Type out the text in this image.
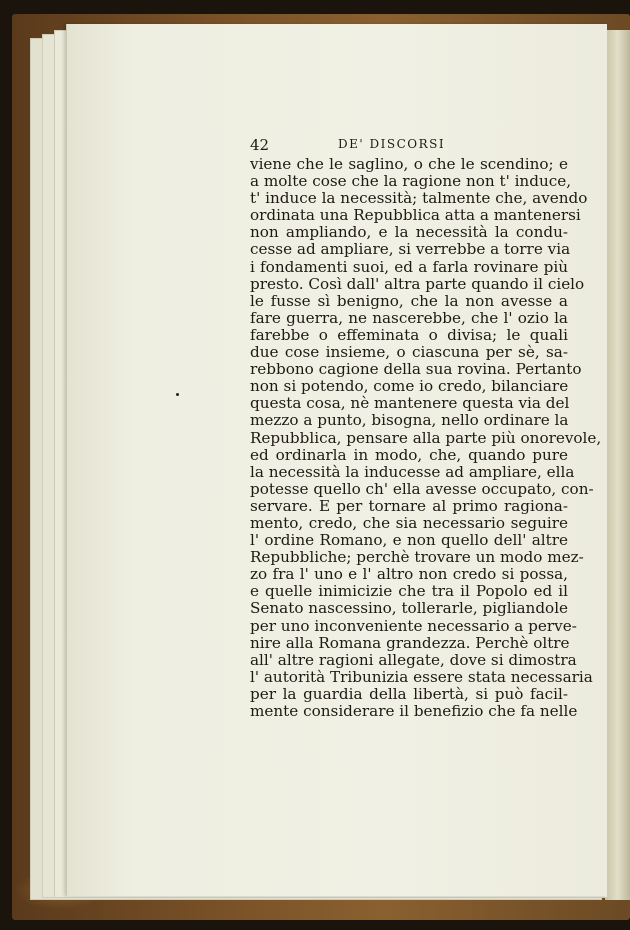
42	DE' DISCORSI
viene che le saglino, o che le scendino; e
a molte cose che la ragione non t' induce,
t' induce la necessità; talmente che, avendo
ordinata una Repubblica atta a mantenersi
non ampliando, e la necessità la condu-
cesse ad ampliare, si verrebbe a torre via
i fondamenti suoi, ed a farla rovinare più
presto. Così dall' altra parte quando il cielo
le fusse sì benigno, che la non avesse a
fare guerra, ne nascerebbe, che l' ozio la
farebbe o effeminata o divisa; le quali
due cose insieme, o ciascuna per sè, sa-
rebbono cagione della sua rovina. Pertanto
non si potendo, come io credo, bilanciare
questa cosa, nè mantenere questa via del
mezzo a punto, bisogna, nello ordinare la
Repubblica, pensare alla parte più onorevole,
ed ordinarla in modo, che, quando pure
la necessità la inducesse ad ampliare, ella
potesse quello ch' ella avesse occupato, con-
servare. E per tornare al primo ragiona-
mento, credo, che sia necessario seguire
l' ordine Romano, e non quello dell' altre
Repubbliche; perchè trovare un modo mez-
zo fra l' uno e l' altro non credo si possa,
e quelle inimicizie che tra il Popolo ed il
Senato nascessino, tollerarle, pigliandole
per uno inconveniente necessario a perve-
nire alla Romana grandezza. Perchè oltre
all' altre ragioni allegate, dove si dimostra
l' autorità Tribunizia essere stata necessaria
per la guardia della libertà, si può facil-
mente considerare il benefizio che fa nelle
